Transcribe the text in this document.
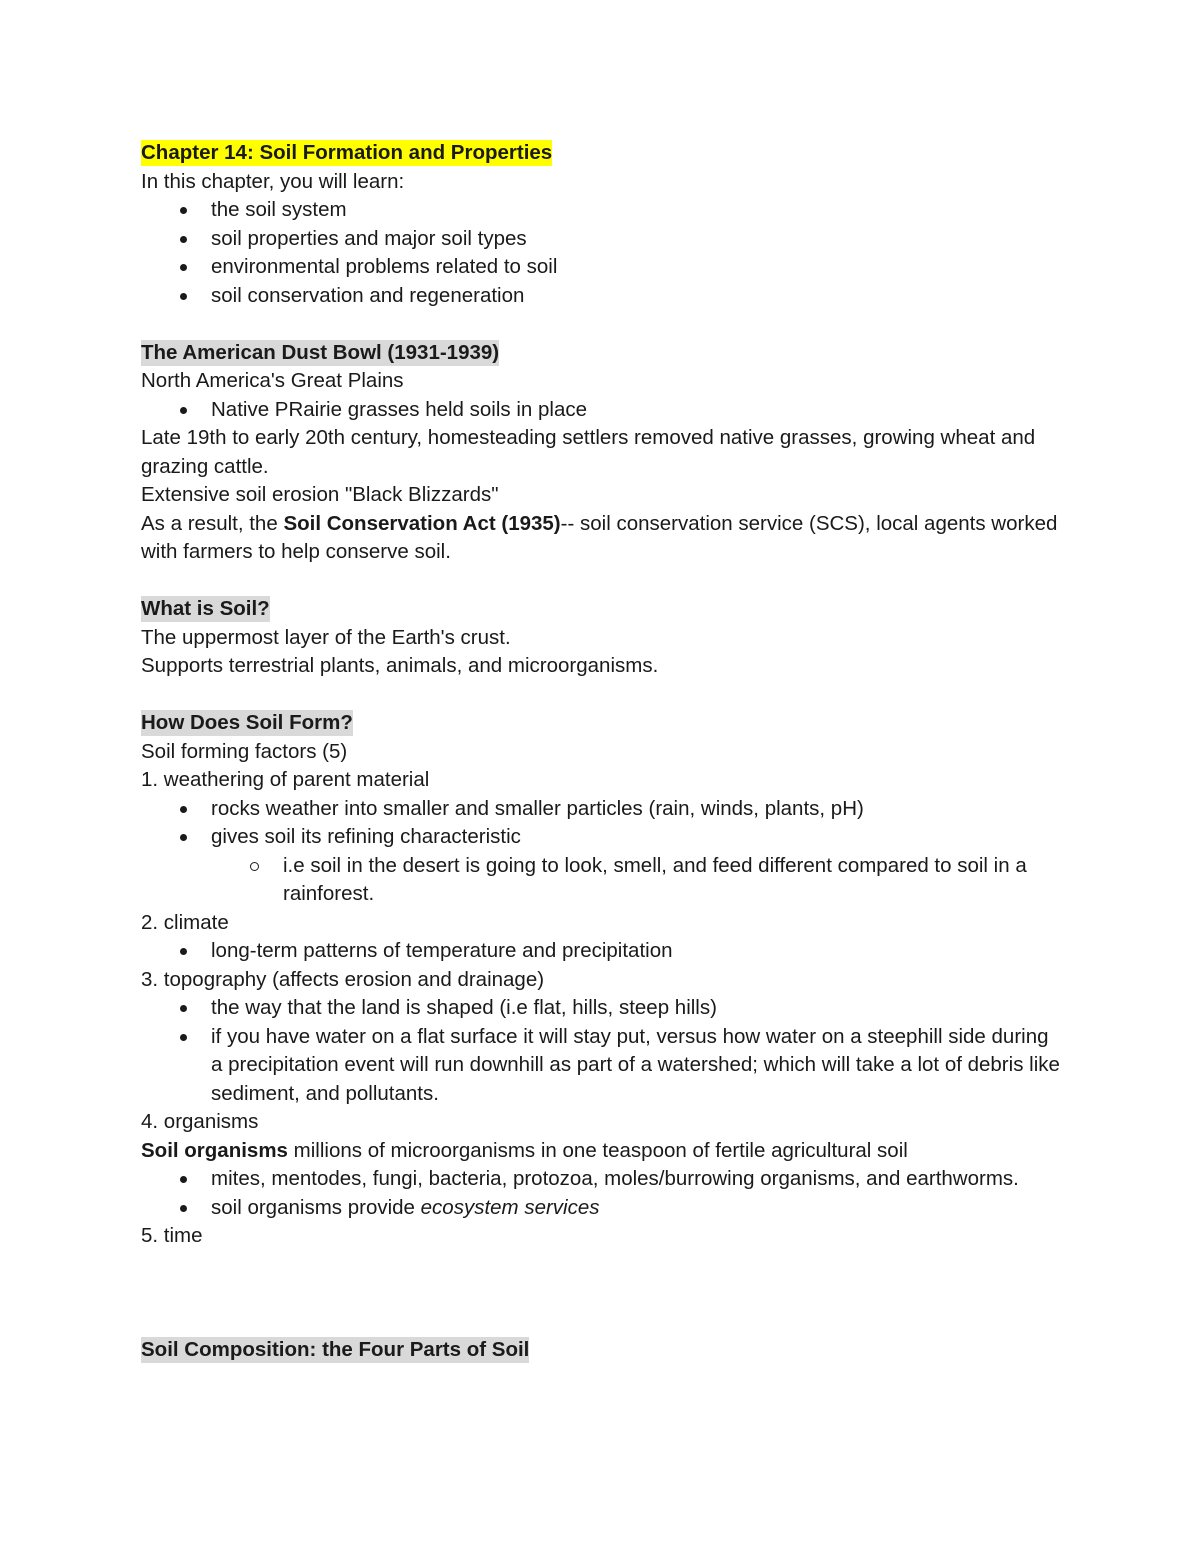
Chapter 14: Soil Formation and Properties

In this chapter, you will learn:

the soil system

soil properties and major soil types

environmental problems related to soil

soil conservation and regeneration

The American Dust Bowl (1931-1939)

North America's Great Plains

Native PRairie grasses held soils in place

Late 19th to early 20th century, homesteading settlers removed native grasses, growing wheat and grazing cattle.

Extensive soil erosion "Black Blizzards"

As a result, the Soil Conservation Act (1935)-- soil conservation service (SCS), local agents worked with farmers to help conserve soil.

What is Soil?

The uppermost layer of the Earth's crust.

Supports terrestrial plants, animals, and microorganisms.

How Does Soil Form?

Soil forming factors (5)

1. weathering of parent material

rocks weather into smaller and smaller particles (rain, winds, plants, pH)

gives soil its refining characteristic

i.e soil in the desert is going to look, smell, and feed different compared to soil in a rainforest.

2. climate

long-term patterns of temperature and precipitation

3. topography (affects erosion and drainage)

the way that the land is shaped (i.e flat, hills, steep hills)

if you have water on a flat surface it will stay put, versus how water on a steephill side during a precipitation event will run downhill as part of a watershed; which will take a lot of debris like sediment, and pollutants.

4. organisms

Soil organisms millions of microorganisms in one teaspoon of fertile agricultural soil

mites, mentodes, fungi, bacteria, protozoa, moles/burrowing organisms, and earthworms.

soil organisms provide ecosystem services

5. time

Soil Composition: the Four Parts of Soil
